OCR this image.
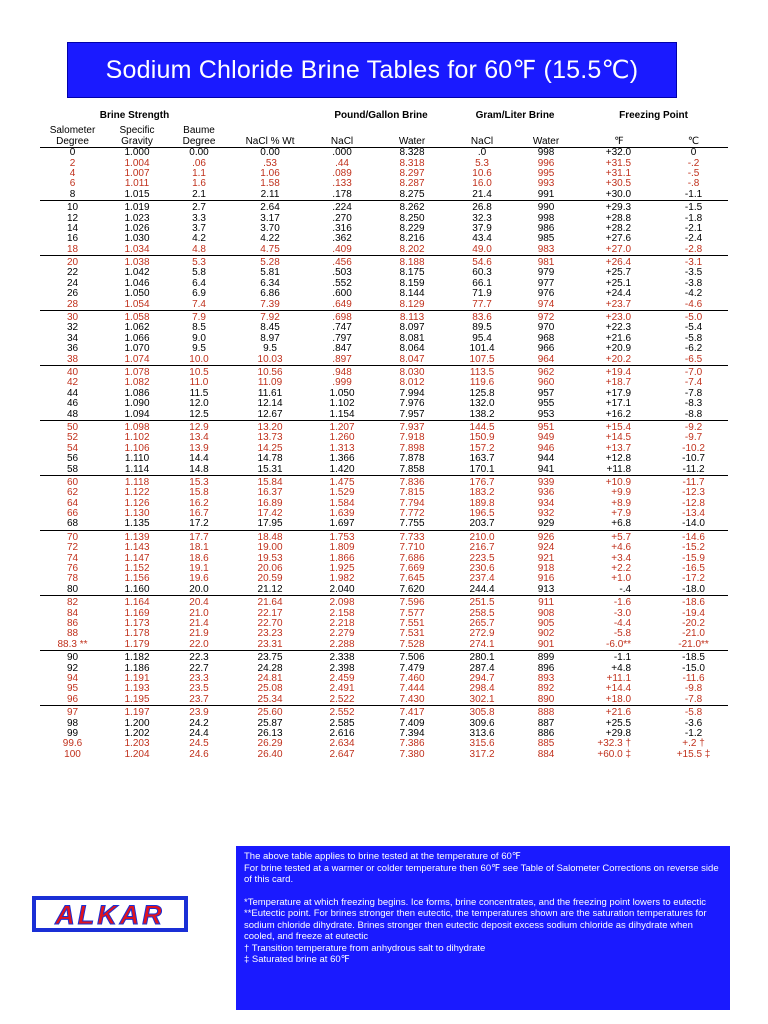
Sodium Chloride Brine Tables for 60℉ (15.5℃)
Brine Strength				Pound/Gallon Brine		Gram/Liter Brine		Freezing Point	
Salometer Degree	Specific Gravity	Baume Degree	NaCl % Wt	NaCl	Water	NaCl	Water	℉	℃
0	1.000	0.00	0.00	.000	8.328	.0	998	+32.0	0
2	1.004	.06	.53	.44	8.318	5.3	996	+31.5	-.2
4	1.007	1.1	1.06	.089	8.297	10.6	995	+31.1	-.5
6	1.011	1.6	1.58	.133	8.287	16.0	993	+30.5	-.8
8	1.015	2.1	2.11	.178	8.275	21.4	991	+30.0	-1.1
10	1.019	2.7	2.64	.224	8.262	26.8	990	+29.3	-1.5
12	1.023	3.3	3.17	.270	8.250	32.3	998	+28.8	-1.8
14	1.026	3.7	3.70	.316	8.229	37.9	986	+28.2	-2.1
16	1.030	4.2	4.22	.362	8.216	43.4	985	+27.6	-2.4
18	1.034	4.8	4.75	.409	8.202	49.0	983	+27.0	-2.8
20	1.038	5.3	5.28	.456	8.188	54.6	981	+26.4	-3.1
22	1.042	5.8	5.81	.503	8.175	60.3	979	+25.7	-3.5
24	1.046	6.4	6.34	.552	8.159	66.1	977	+25.1	-3.8
26	1.050	6.9	6.86	.600	8.144	71.9	976	+24.4	-4.2
28	1.054	7.4	7.39	.649	8.129	77.7	974	+23.7	-4.6
30	1.058	7.9	7.92	.698	8.113	83.6	972	+23.0	-5.0
32	1.062	8.5	8.45	.747	8.097	89.5	970	+22.3	-5.4
34	1.066	9.0	8.97	.797	8.081	95.4	968	+21.6	-5.8
36	1.070	9.5	9.5	.847	8.064	101.4	966	+20.9	-6.2
38	1.074	10.0	10.03	.897	8.047	107.5	964	+20.2	-6.5
40	1.078	10.5	10.56	.948	8.030	113.5	962	+19.4	-7.0
42	1.082	11.0	11.09	.999	8.012	119.6	960	+18.7	-7.4
44	1.086	11.5	11.61	1.050	7.994	125.8	957	+17.9	-7.8
46	1.090	12.0	12.14	1.102	7.976	132.0	955	+17.1	-8.3
48	1.094	12.5	12.67	1.154	7.957	138.2	953	+16.2	-8.8
50	1.098	12.9	13.20	1.207	7.937	144.5	951	+15.4	-9.2
52	1.102	13.4	13.73	1.260	7.918	150.9	949	+14.5	-9.7
54	1.106	13.9	14.25	1.313	7.898	157.2	946	+13.7	-10.2
56	1.110	14.4	14.78	1.366	7.878	163.7	944	+12.8	-10.7
58	1.114	14.8	15.31	1.420	7.858	170.1	941	+11.8	-11.2
60	1.118	15.3	15.84	1.475	7.836	176.7	939	+10.9	-11.7
62	1.122	15.8	16.37	1.529	7.815	183.2	936	+9.9	-12.3
64	1.126	16.2	16.89	1.584	7.794	189.8	934	+8.9	-12.8
66	1.130	16.7	17.42	1.639	7.772	196.5	932	+7.9	-13.4
68	1.135	17.2	17.95	1.697	7.755	203.7	929	+6.8	-14.0
70	1.139	17.7	18.48	1.753	7.733	210.0	926	+5.7	-14.6
72	1.143	18.1	19.00	1.809	7.710	216.7	924	+4.6	-15.2
74	1.147	18.6	19.53	1.866	7.686	223.5	921	+3.4	-15.9
76	1.152	19.1	20.06	1.925	7.669	230.6	918	+2.2	-16.5
78	1.156	19.6	20.59	1.982	7.645	237.4	916	+1.0	-17.2
80	1.160	20.0	21.12	2.040	7.620	244.4	913	-.4	-18.0
82	1.164	20.4	21.64	2.098	7.596	251.5	911	-1.6	-18.6
84	1.169	21.0	22.17	2.158	7.577	258.5	908	-3.0	-19.4
86	1.173	21.4	22.70	2.218	7.551	265.7	905	-4.4	-20.2
88	1.178	21.9	23.23	2.279	7.531	272.9	902	-5.8	-21.0
88.3 **	1.179	22.0	23.31	2.288	7.528	274.1	901	-6.0**	-21.0**
90	1.182	22.3	23.75	2.338	7.506	280.1	899	-1.1	-18.5
92	1.186	22.7	24.28	2.398	7.479	287.4	896	+4.8	-15.0
94	1.191	23.3	24.81	2.459	7.460	294.7	893	+11.1	-11.6
95	1.193	23.5	25.08	2.491	7.444	298.4	892	+14.4	-9.8
96	1.195	23.7	25.34	2.522	7.430	302.1	890	+18.0	-7.8
97	1.197	23.9	25.60	2.552	7.417	305.8	888	+21.6	-5.8
98	1.200	24.2	25.87	2.585	7.409	309.6	887	+25.5	-3.6
99	1.202	24.4	26.13	2.616	7.394	313.6	886	+29.8	-1.2
99.6	1.203	24.5	26.29	2.634	7.386	315.6	885	+32.3 †	+.2 †
100	1.204	24.6	26.40	2.647	7.380	317.2	884	+60.0 ‡	+15.5 ‡
ALKAR

The above table applies to brine tested at the temperature of 60℉

For brine tested at a warmer or colder temperature then 60℉ see Table of Salometer Corrections on reverse side of this card.

*Temperature at which freezing begins. Ice forms, brine concentrates, and the freezing point lowers to eutectic

**Eutectic point. For brines stronger then eutectic, the temperatures shown are the saturation temperatures for sodium chloride dihydrate. Brines stronger then eutectic deposit excess sodium chloride as dihydrate when cooled, and freeze at eutectic

† Transition temperature from anhydrous salt to dihydrate

‡ Saturated brine at 60℉
